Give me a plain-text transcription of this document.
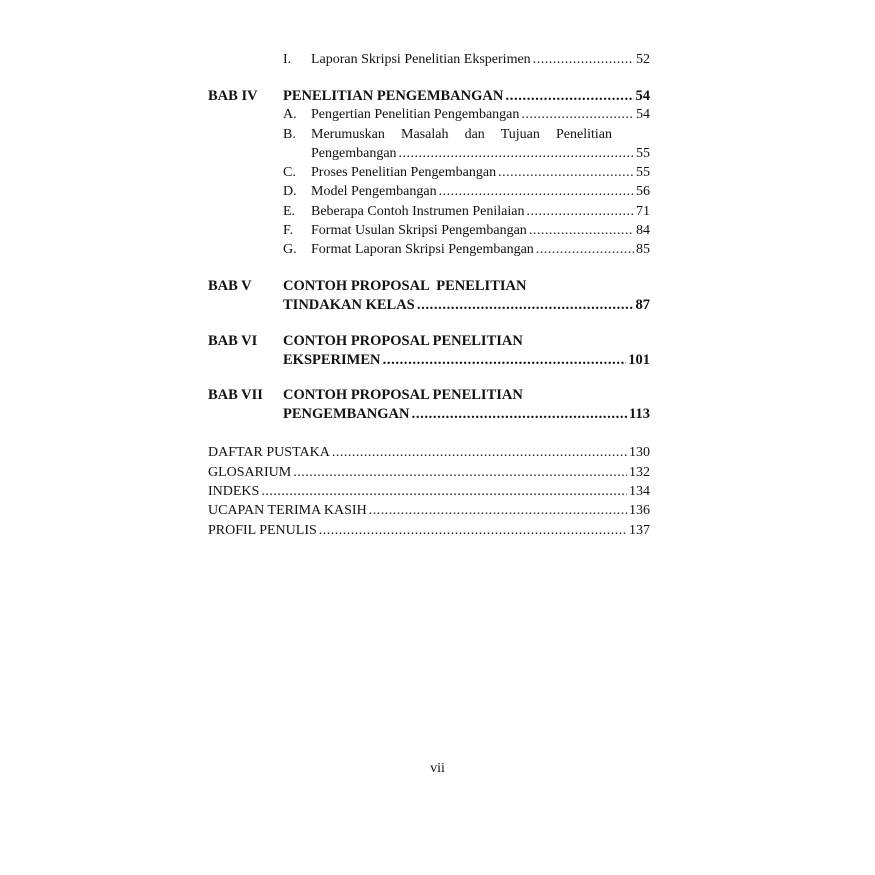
I.	Laporan Skripsi Penelitian Eksperimen . . .	52
BAB IV PENELITIAN PENGEMBANGAN . . .	54
A.	Pengertian Penelitian Pengembangan . . .	54
B.	Merumuskan Masalah dan Tujuan Penelitian
Pengembangan . . .	55
C.	Proses Penelitian Pengembangan . . .	55
D.	Model Pengembangan . . .	56
E.	Beberapa Contoh Instrumen Penilaian . . .	71
F.	Format Usulan Skripsi Pengembangan . . .	84
G.	Format Laporan Skripsi Pengembangan . . .	85
BAB V CONTOH PROPOSAL  PENELITIAN
TINDAKAN KELAS . . .	87
BAB VI CONTOH PROPOSAL PENELITIAN
EKSPERIMEN . . .	101
BAB VII CONTOH PROPOSAL PENELITIAN
PENGEMBANGAN . . .	113
DAFTAR PUSTAKA . . .	130
GLOSARIUM . . .	132
INDEKS . . .	134
UCAPAN TERIMA KASIH . . .	136
PROFIL PENULIS . . .	137
vii
